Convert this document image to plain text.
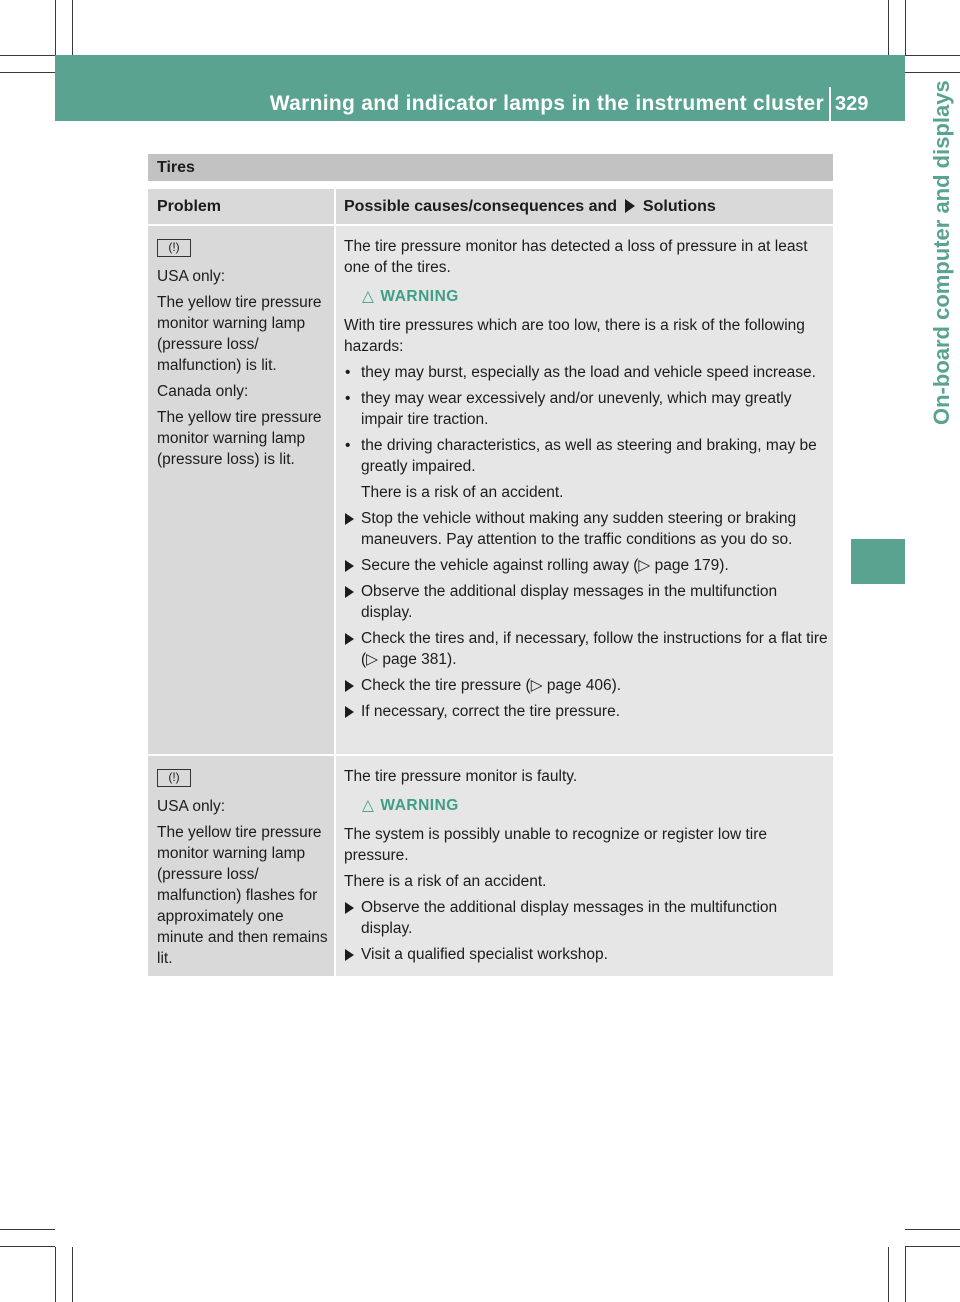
Warning and indicator lamps in the instrument cluster 329	On-board computer and displays
Tires
Problem	Possible causes/consequences and Solutions
(!)

USA only:

The yellow tire pressure monitor warning lamp (pressure loss/ malfunction) is lit.

Canada only:

The yellow tire pressure monitor warning lamp (pressure loss) is lit.

The tire pressure monitor has detected a loss of pressure in at least one of the tires.

△ WARNING

With tire pressures which are too low, there is a risk of the following hazards:

• they may burst, especially as the load and vehicle speed increase.

• they may wear excessively and/or unevenly, which may greatly impair tire traction.

• the driving characteristics, as well as steering and braking, may be greatly impaired.

There is a risk of an accident.

Stop the vehicle without making any sudden steering or braking maneuvers. Pay attention to the traffic conditions as you do so.

Secure the vehicle against rolling away (▷ page 179).

Observe the additional display messages in the multifunction display.

Check the tires and, if necessary, follow the instructions for a flat tire (▷ page 381).

Check the tire pressure (▷ page 406).

If necessary, correct the tire pressure.

(!)

USA only:

The yellow tire pressure monitor warning lamp (pressure loss/ malfunction) flashes for approximately one minute and then remains lit.

The tire pressure monitor is faulty.

△ WARNING

The system is possibly unable to recognize or register low tire pressure.

There is a risk of an accident.

Observe the additional display messages in the multifunction display.

Visit a qualified specialist workshop.
